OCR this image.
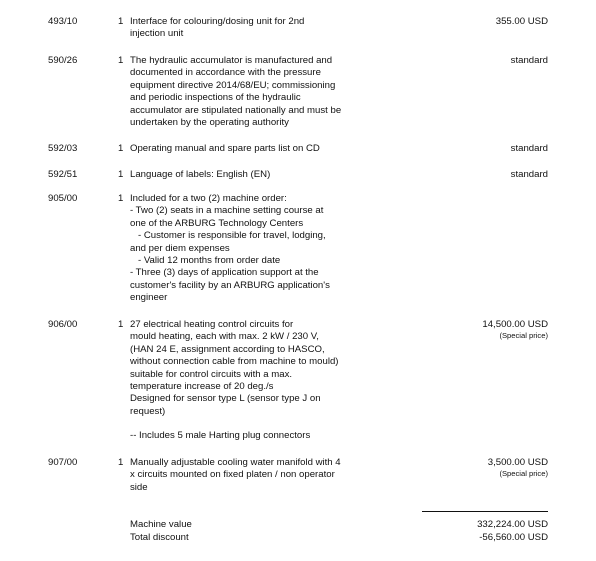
493/10	1 Interface for colouring/dosing unit for 2nd
injection unit
355.00 USD
590/26	1 The hydraulic accumulator is manufactured and
documented in accordance with the pressure
equipment directive 2014/68/EU; commissioning
and periodic inspections of the hydraulic
accumulator are stipulated nationally and must be
undertaken by the operating authority
standard
592/03	1 Operating manual and spare parts list on CD	standard
592/51	1 Language of labels: English (EN)	standard
905/00	1 Included for a two (2) machine order:
- Two (2) seats in a machine setting course at
one of the ARBURG Technology Centers
- Customer is responsible for travel, lodging,
and per diem expenses
- Valid 12 months from order date
- Three (3) days of application support at the
customer's facility by an ARBURG application's
engineer
906/00	1 27 electrical heating control circuits for
mould heating, each with max. 2 kW / 230 V,
(HAN 24 E, assignment according to HASCO,
without connection cable from machine to mould)
suitable for control circuits with a max.
temperature increase of 20 deg./s
Designed for sensor type L (sensor type J on
request)
-- Includes 5 male Harting plug connectors
14,500.00 USD
(Special price)
907/00	1 Manually adjustable cooling water manifold with 4
x circuits mounted on fixed platen / non operator
side
3,500.00 USD
(Special price)
Machine value	332,224.00 USD
Total discount	-56,560.00 USD
